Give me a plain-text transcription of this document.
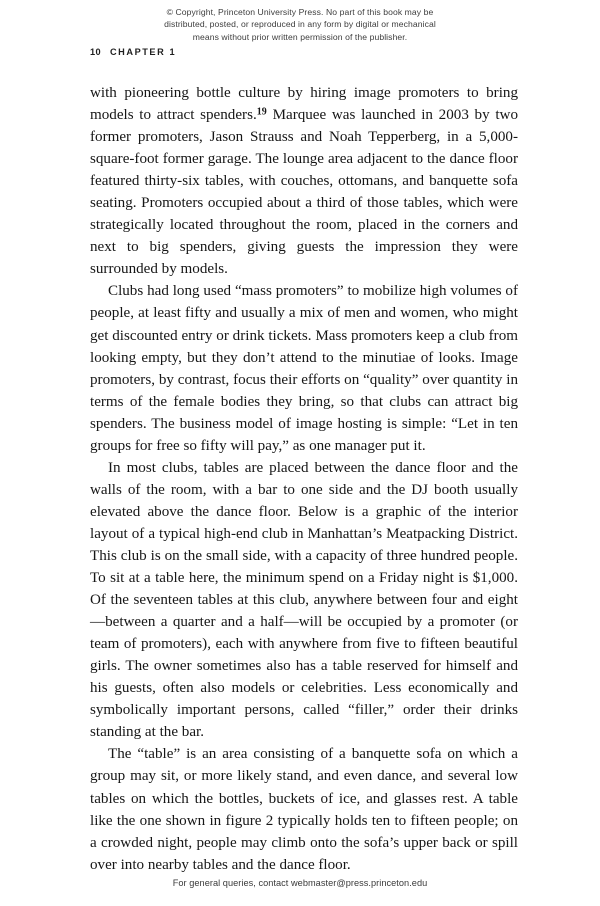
© Copyright, Princeton University Press. No part of this book may be
distributed, posted, or reproduced in any form by digital or mechanical
means without prior written permission of the publisher.
10 CHAPTER 1

with pioneering bottle culture by hiring image promoters to bring models to attract spenders.$^{19}$ Marquee was launched in 2003 by two former promoters, Jason Strauss and Noah Tepperberg, in a 5,000-square-foot former garage. The lounge area adjacent to the dance floor featured thirty-six tables, with couches, ottomans, and banquette sofa seating. Promoters occupied about a third of those tables, which were strategically located throughout the room, placed in the corners and next to big spenders, giving guests the impression they were surrounded by models.

Clubs had long used “mass promoters” to mobilize high volumes of people, at least fifty and usually a mix of men and women, who might get discounted entry or drink tickets. Mass promoters keep a club from looking empty, but they don’t attend to the minutiae of looks. Image promoters, by contrast, focus their efforts on “quality” over quantity in terms of the female bodies they bring, so that clubs can attract big spenders. The business model of image hosting is simple: “Let in ten groups for free so fifty will pay,” as one manager put it.

In most clubs, tables are placed between the dance floor and the walls of the room, with a bar to one side and the DJ booth usually elevated above the dance floor. Below is a graphic of the interior layout of a typical high-end club in Manhattan’s Meatpacking District. This club is on the small side, with a capacity of three hundred people. To sit at a table here, the minimum spend on a Friday night is $1,000. Of the seventeen tables at this club, anywhere between four and eight—between a quarter and a half—will be occupied by a promoter (or team of promoters), each with anywhere from five to fifteen beautiful girls. The owner sometimes also has a table reserved for himself and his guests, often also models or celebrities. Less economically and symbolically important persons, called “filler,” order their drinks standing at the bar.

The “table” is an area consisting of a banquette sofa on which a group may sit, or more likely stand, and even dance, and several low tables on which the bottles, buckets of ice, and glasses rest. A table like the one shown in figure 2 typically holds ten to fifteen people; on a crowded night, people may climb onto the sofa’s upper back or spill over into nearby tables and the dance floor.

For general queries, contact webmaster@press.princeton.edu
